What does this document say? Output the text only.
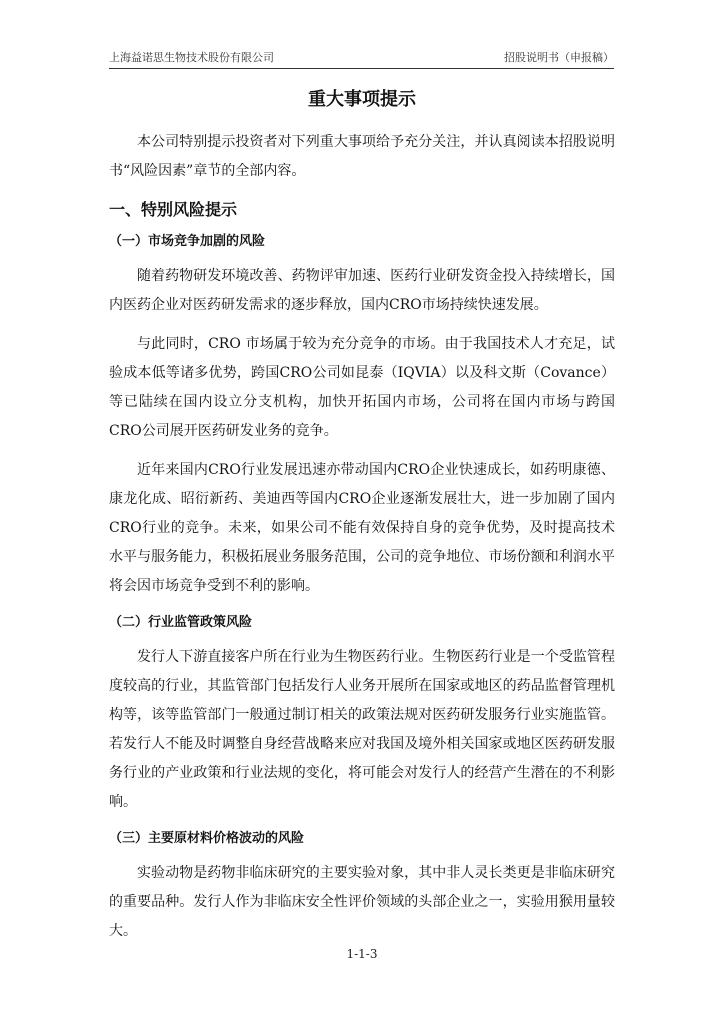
上海益诺思生物技术股份有限公司	招股说明书（申报稿）
重大事项提示

本公司特别提示投资者对下列重大事项给予充分关注，并认真阅读本招股说明书“风险因素”章节的全部内容。

一、特别风险提示
（一）市场竞争加剧的风险

随着药物研发环境改善、药物评审加速、医药行业研发资金投入持续增长，国内医药企业对医药研发需求的逐步释放，国内CRO市场持续快速发展。

与此同时，CRO 市场属于较为充分竞争的市场。由于我国技术人才充足，试验成本低等诸多优势，跨国CRO公司如昆泰（IQVIA）以及科文斯（Covance）等已陆续在国内设立分支机构，加快开拓国内市场，公司将在国内市场与跨国CRO公司展开医药研发业务的竞争。

近年来国内CRO行业发展迅速亦带动国内CRO企业快速成长，如药明康德、康龙化成、昭衍新药、美迪西等国内CRO企业逐渐发展壮大，进一步加剧了国内CRO行业的竞争。未来，如果公司不能有效保持自身的竞争优势，及时提高技术水平与服务能力，积极拓展业务服务范围，公司的竞争地位、市场份额和利润水平将会因市场竞争受到不利的影响。

（二）行业监管政策风险

发行人下游直接客户所在行业为生物医药行业。生物医药行业是一个受监管程度较高的行业，其监管部门包括发行人业务开展所在国家或地区的药品监督管理机构等，该等监管部门一般通过制订相关的政策法规对医药研发服务行业实施监管。若发行人不能及时调整自身经营战略来应对我国及境外相关国家或地区医药研发服务行业的产业政策和行业法规的变化，将可能会对发行人的经营产生潜在的不利影响。

（三）主要原材料价格波动的风险

实验动物是药物非临床研究的主要实验对象，其中非人灵长类更是非临床研究的重要品种。发行人作为非临床安全性评价领域的头部企业之一，实验用猴用量较大。

1-1-3
